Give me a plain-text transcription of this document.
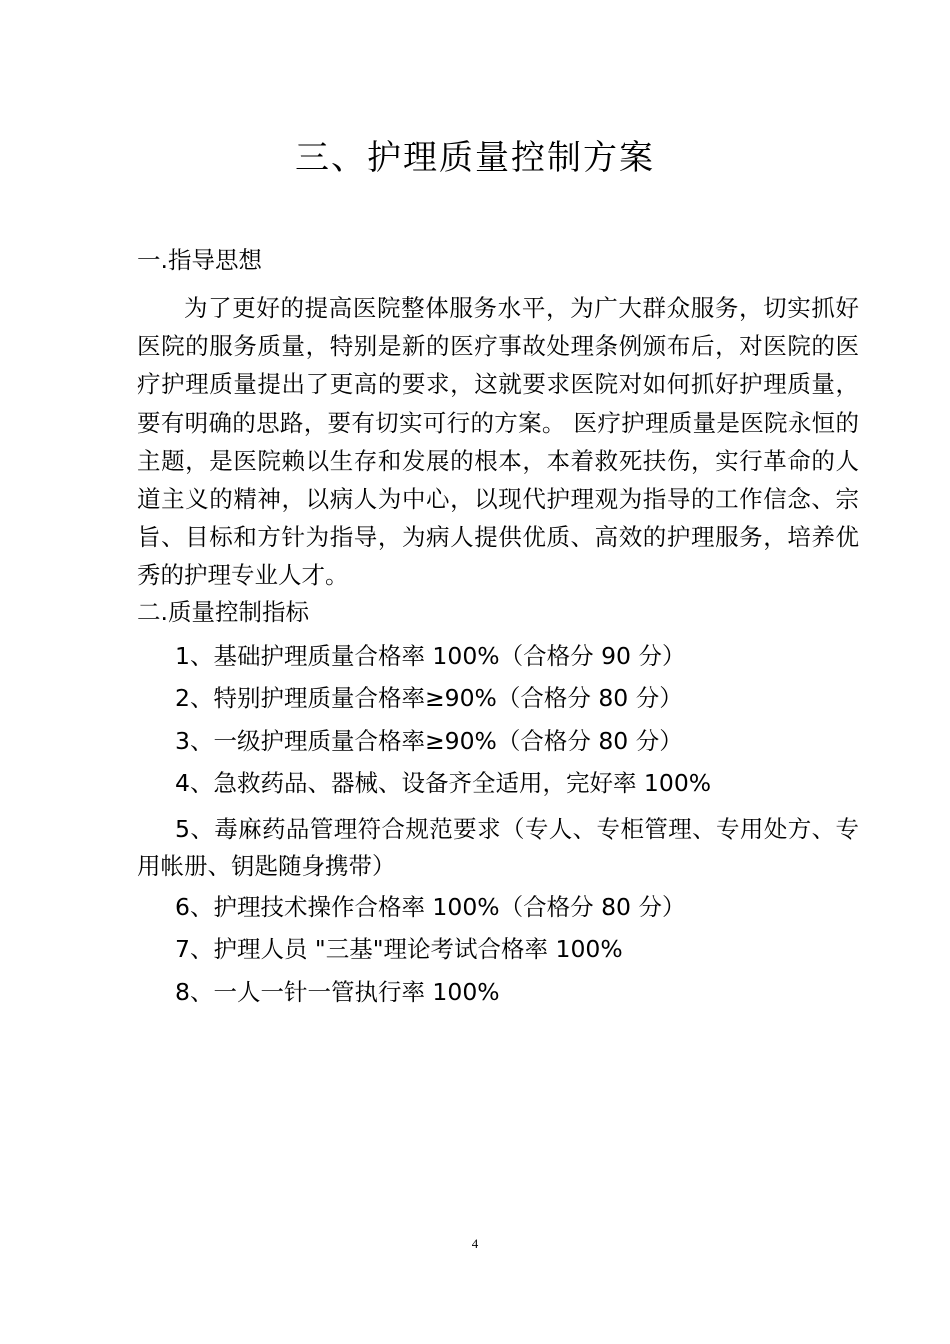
三、护理质量控制方案
一.指导思想

为了更好的提高医院整体服务水平，为广大群众服务，切实抓好医院的服务质量，特别是新的医疗事故处理条例颁布后，对医院的医疗护理质量提出了更高的要求，这就要求医院对如何抓好护理质量，要有明确的思路，要有切实可行的方案。 医疗护理质量是医院永恒的主题，是医院赖以生存和发展的根本，本着救死扶伤，实行革命的人道主义的精神，以病人为中心，以现代护理观为指导的工作信念、宗旨、目标和方针为指导，为病人提供优质、高效的护理服务，培养优秀的护理专业人才。

二.质量控制指标
1、基础护理质量合格率 100%（合格分 90 分）
2、特别护理质量合格率≥90%（合格分 80 分）
3、一级护理质量合格率≥90%（合格分 80 分）
4、急救药品、器械、设备齐全适用，完好率 100%
5、毒麻药品管理符合规范要求（专人、专柜管理、专用处方、专用帐册、钥匙随身携带）
6、护理技术操作合格率 100%（合格分 80 分）
7、护理人员 "三基"理论考试合格率 100%
8、一人一针一管执行率 100%
4
